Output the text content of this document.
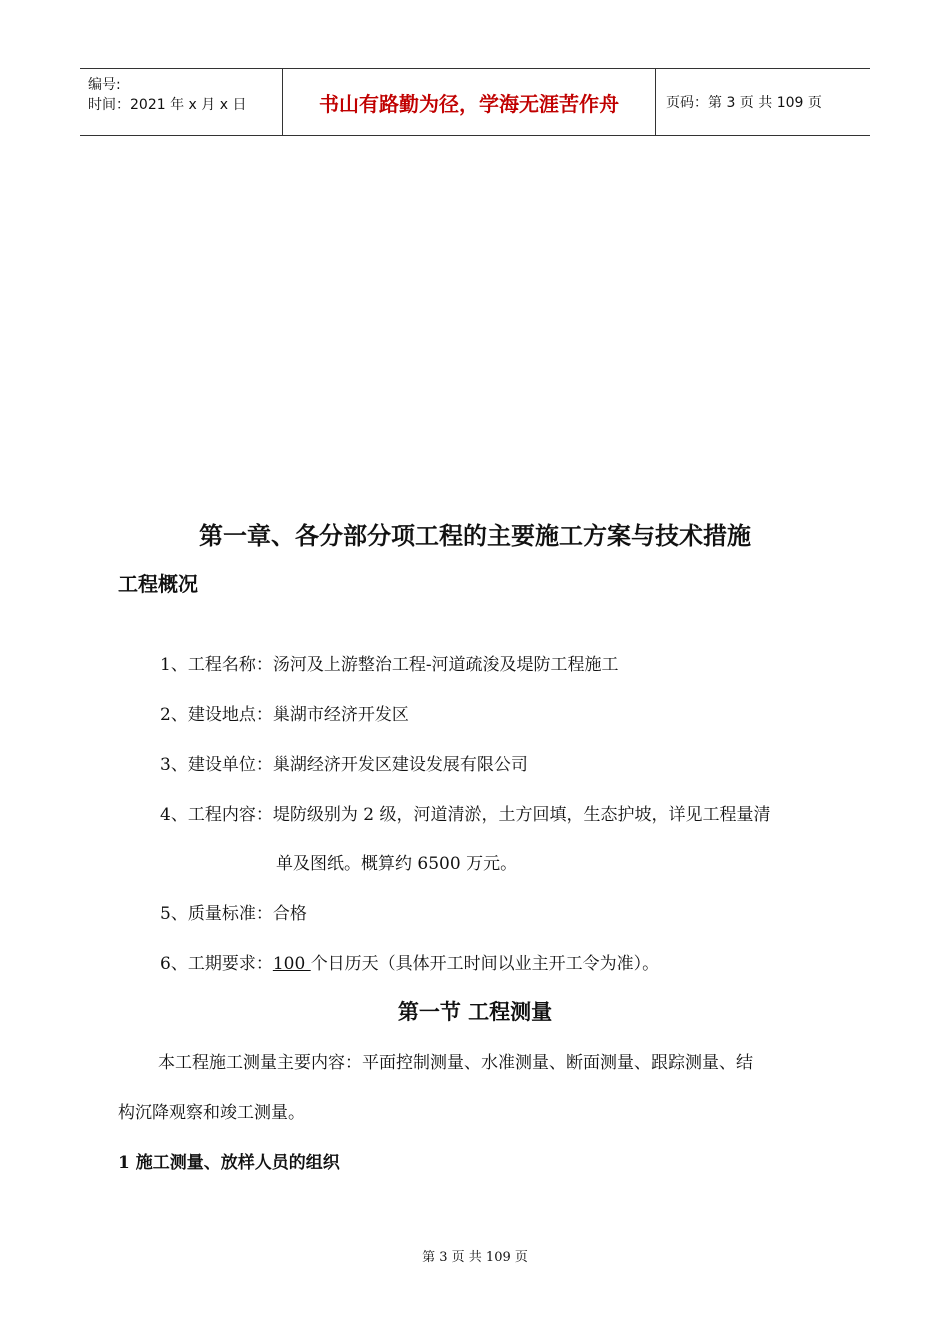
编号:
时间：2021 年 x 月 x 日	书山有路勤为径，学海无涯苦作舟	页码：第 3 页 共 109 页
第一章、各分部分项工程的主要施工方案与技术措施
工程概况
1、工程名称：汤河及上游整治工程-河道疏浚及堤防工程施工
2、建设地点：巢湖市经济开发区
3、建设单位：巢湖经济开发区建设发展有限公司
4、工程内容：堤防级别为 2 级，河道清淤，土方回填，生态护坡，详见工程量清
单及图纸。概算约 6500 万元。
5、质量标准：合格
6、工期要求：100 个日历天（具体开工时间以业主开工令为准）。
第一节 工程测量
本工程施工测量主要内容：平面控制测量、水准测量、断面测量、跟踪测量、结
构沉降观察和竣工测量。
1 施工测量、放样人员的组织
第 3 页 共 109 页
